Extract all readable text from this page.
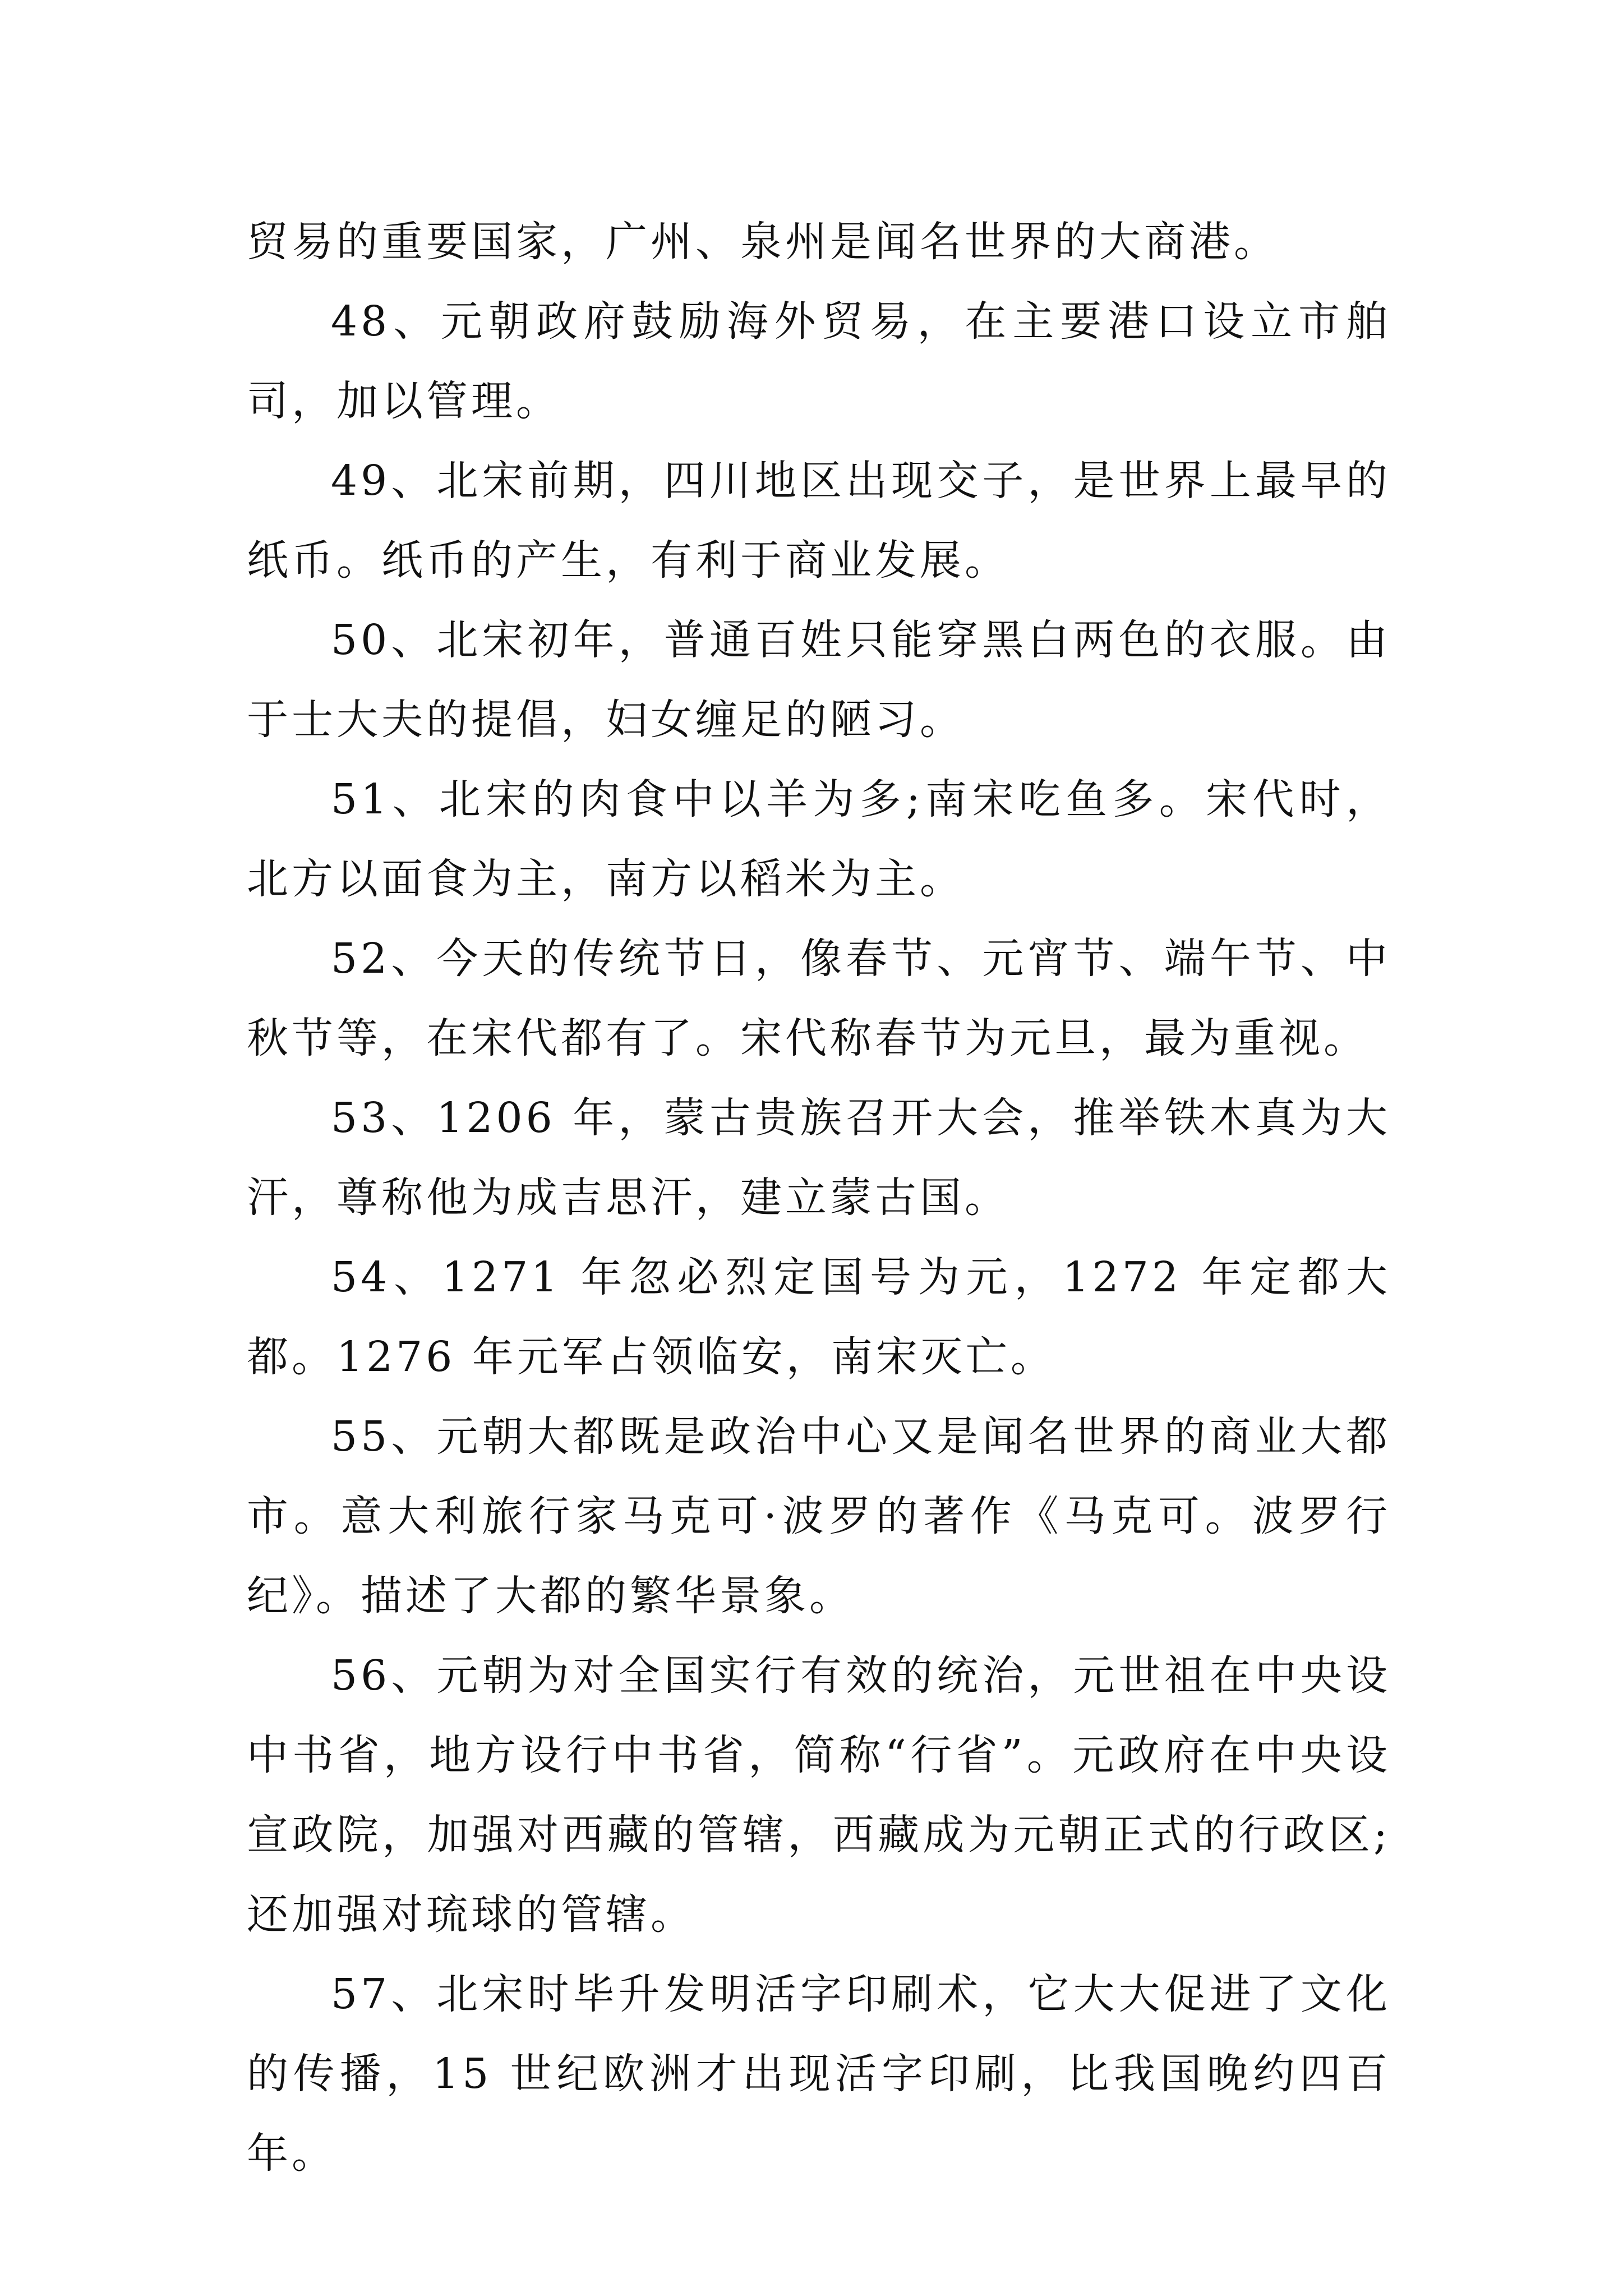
贸易的重要国家，广州、泉州是闻名世界的大商港。

48、元朝政府鼓励海外贸易，在主要港口设立市舶司，加以管理。

49、北宋前期，四川地区出现交子，是世界上最早的纸币。纸币的产生，有利于商业发展。

50、北宋初年，普通百姓只能穿黑白两色的衣服。由于士大夫的提倡，妇女缠足的陋习。

51、北宋的肉食中以羊为多;南宋吃鱼多。宋代时，北方以面食为主，南方以稻米为主。

52、今天的传统节日，像春节、元宵节、端午节、中秋节等，在宋代都有了。宋代称春节为元旦，最为重视。

53、1206 年，蒙古贵族召开大会，推举铁木真为大汗，尊称他为成吉思汗，建立蒙古国。

54、1271 年忽必烈定国号为元，1272 年定都大都。1276 年元军占领临安，南宋灭亡。

55、元朝大都既是政治中心又是闻名世界的商业大都市。意大利旅行家马克可·波罗的著作《马克可。波罗行纪》。描述了大都的繁华景象。

56、元朝为对全国实行有效的统治，元世祖在中央设中书省，地方设行中书省，简称“行省”。元政府在中央设宣政院，加强对西藏的管辖，西藏成为元朝正式的行政区;还加强对琉球的管辖。

57、北宋时毕升发明活字印刷术，它大大促进了文化的传播，15 世纪欧洲才出现活字印刷，比我国晚约四百年。
